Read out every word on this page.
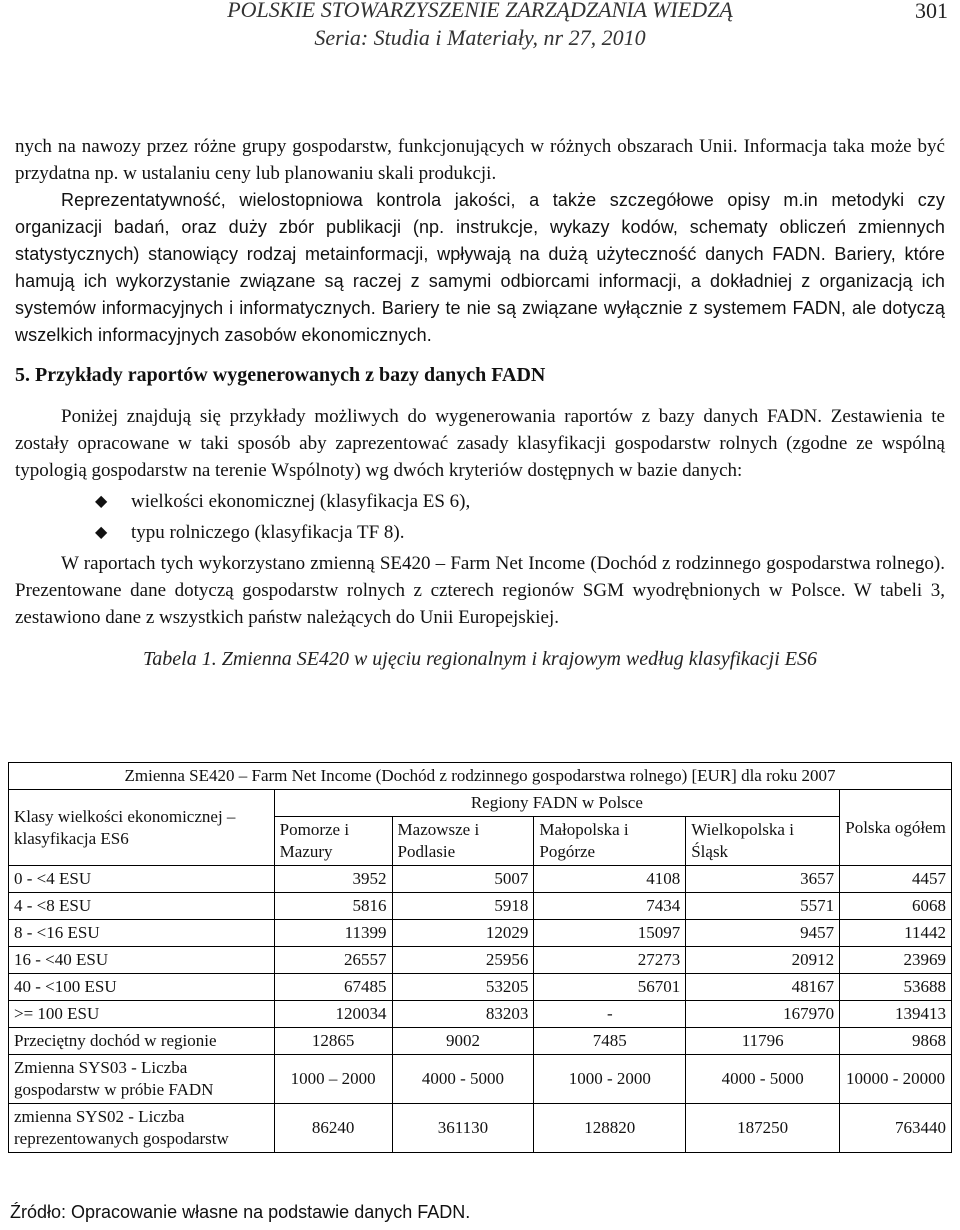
POLSKIE STOWARZYSZENIE ZARZĄDZANIA WIEDZĄ
Seria: Studia i Materiały, nr 27, 2010
301

nych na nawozy przez różne grupy gospodarstw, funkcjonujących w różnych obszarach Unii. Informacja taka może być przydatna np. w ustalaniu ceny lub planowaniu skali produkcji.

Reprezentatywność, wielostopniowa kontrola jakości, a także szczegółowe opisy m.in metodyki czy organizacji badań, oraz duży zbór publikacji (np. instrukcje, wykazy kodów, schematy obliczeń zmiennych statystycznych) stanowiący rodzaj metainformacji, wpływają na dużą użyteczność danych FADN. Bariery, które hamują ich wykorzystanie związane są raczej z samymi odbiorcami informacji, a dokładniej z organizacją ich systemów informacyjnych i informatycznych. Bariery te nie są związane wyłącznie z systemem FADN, ale dotyczą wszelkich informacyjnych zasobów ekonomicznych.

5. Przykłady raportów wygenerowanych z bazy danych FADN

Poniżej znajdują się przykłady możliwych do wygenerowania raportów z bazy danych FADN. Zestawienia te zostały opracowane w taki sposób aby zaprezentować zasady klasyfikacji gospodarstw rolnych (zgodne ze wspólną typologią gospodarstw na terenie Wspólnoty) wg dwóch kryteriów dostępnych w bazie danych:

◆ wielkości ekonomicznej (klasyfikacja ES 6),
◆ typu rolniczego (klasyfikacja TF 8).

W raportach tych wykorzystano zmienną SE420 – Farm Net Income (Dochód z rodzinnego gospodarstwa rolnego). Prezentowane dane dotyczą gospodarstw rolnych z czterech regionów SGM wyodrębnionych w Polsce. W tabeli 3, zestawiono dane z wszystkich państw należących do Unii Europejskiej.

Tabela 1. Zmienna SE420 w ujęciu regionalnym i krajowym według klasyfikacji ES6
Zmienna SE420 – Farm Net Income (Dochód z rodzinnego gospodarstwa rolnego) [EUR] dla roku 2007					
Klasy wielkości ekonomicznej – klasyfikacja ES6	Regiony FADN w Polsce				Polska ogółem
	Pomorze i Mazury	Mazowsze i Podlasie	Małopolska i Pogórze	Wielkopolska i Śląsk	
0 - <4 ESU	3952	5007	4108	3657	4457
4 - <8 ESU	5816	5918	7434	5571	6068
8 - <16 ESU	11399	12029	15097	9457	11442
16 - <40 ESU	26557	25956	27273	20912	23969
40 - <100 ESU	67485	53205	56701	48167	53688
>= 100 ESU	120034	83203	-	167970	139413
Przeciętny dochód w regionie	12865	9002	7485	11796	9868
Zmienna SYS03 - Liczba gospodarstw w próbie FADN	1000 – 2000	4000 - 5000	1000 - 2000	4000 - 5000	10000 - 20000
zmienna SYS02 - Liczba reprezentowanych gospodarstw	86240	361130	128820	187250	763440
Źródło: Opracowanie własne na podstawie danych FADN.
